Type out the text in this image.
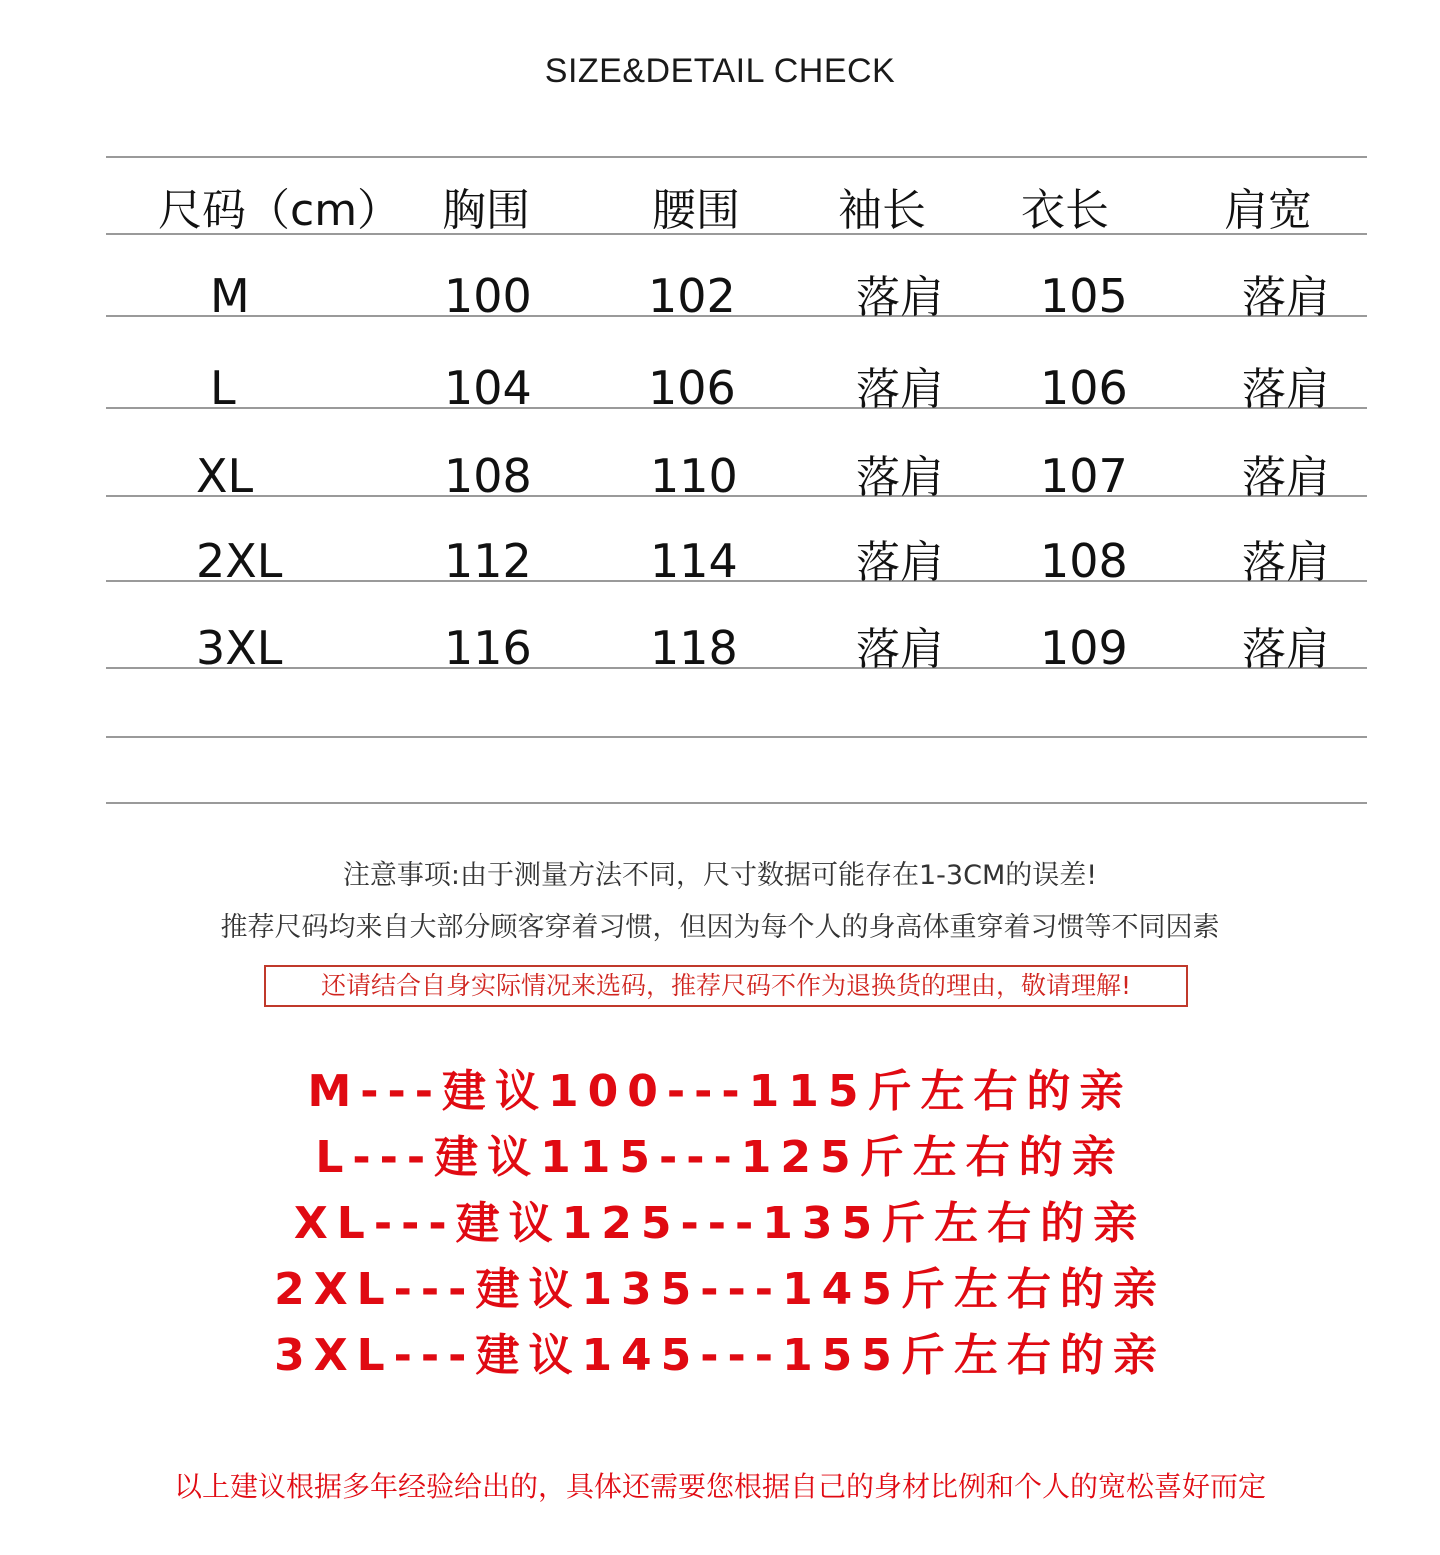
SIZE&DETAIL CHECK
尺码（cm） 胸围	腰围 袖长 衣长	肩宽
M	100	102	落肩 105	落肩
L	104	106	落肩 106	落肩
XL	108	110	落肩 107	落肩
2XL	112	114	落肩 108	落肩
3XL	116	118	落肩 109	落肩
注意事项:由于测量方法不同，尺寸数据可能存在1-3CM的误差!
推荐尺码均来自大部分顾客穿着习惯，但因为每个人的身高体重穿着习惯等不同因素
还请结合自身实际情况来选码，推荐尺码不作为退换货的理由，敬请理解!
M---建议100---115斤左右的亲
L---建议115---125斤左右的亲
XL---建议125---135斤左右的亲
2XL---建议135---145斤左右的亲
3XL---建议145---155斤左右的亲
以上建议根据多年经验给出的，具体还需要您根据自己的身材比例和个人的宽松喜好而定
